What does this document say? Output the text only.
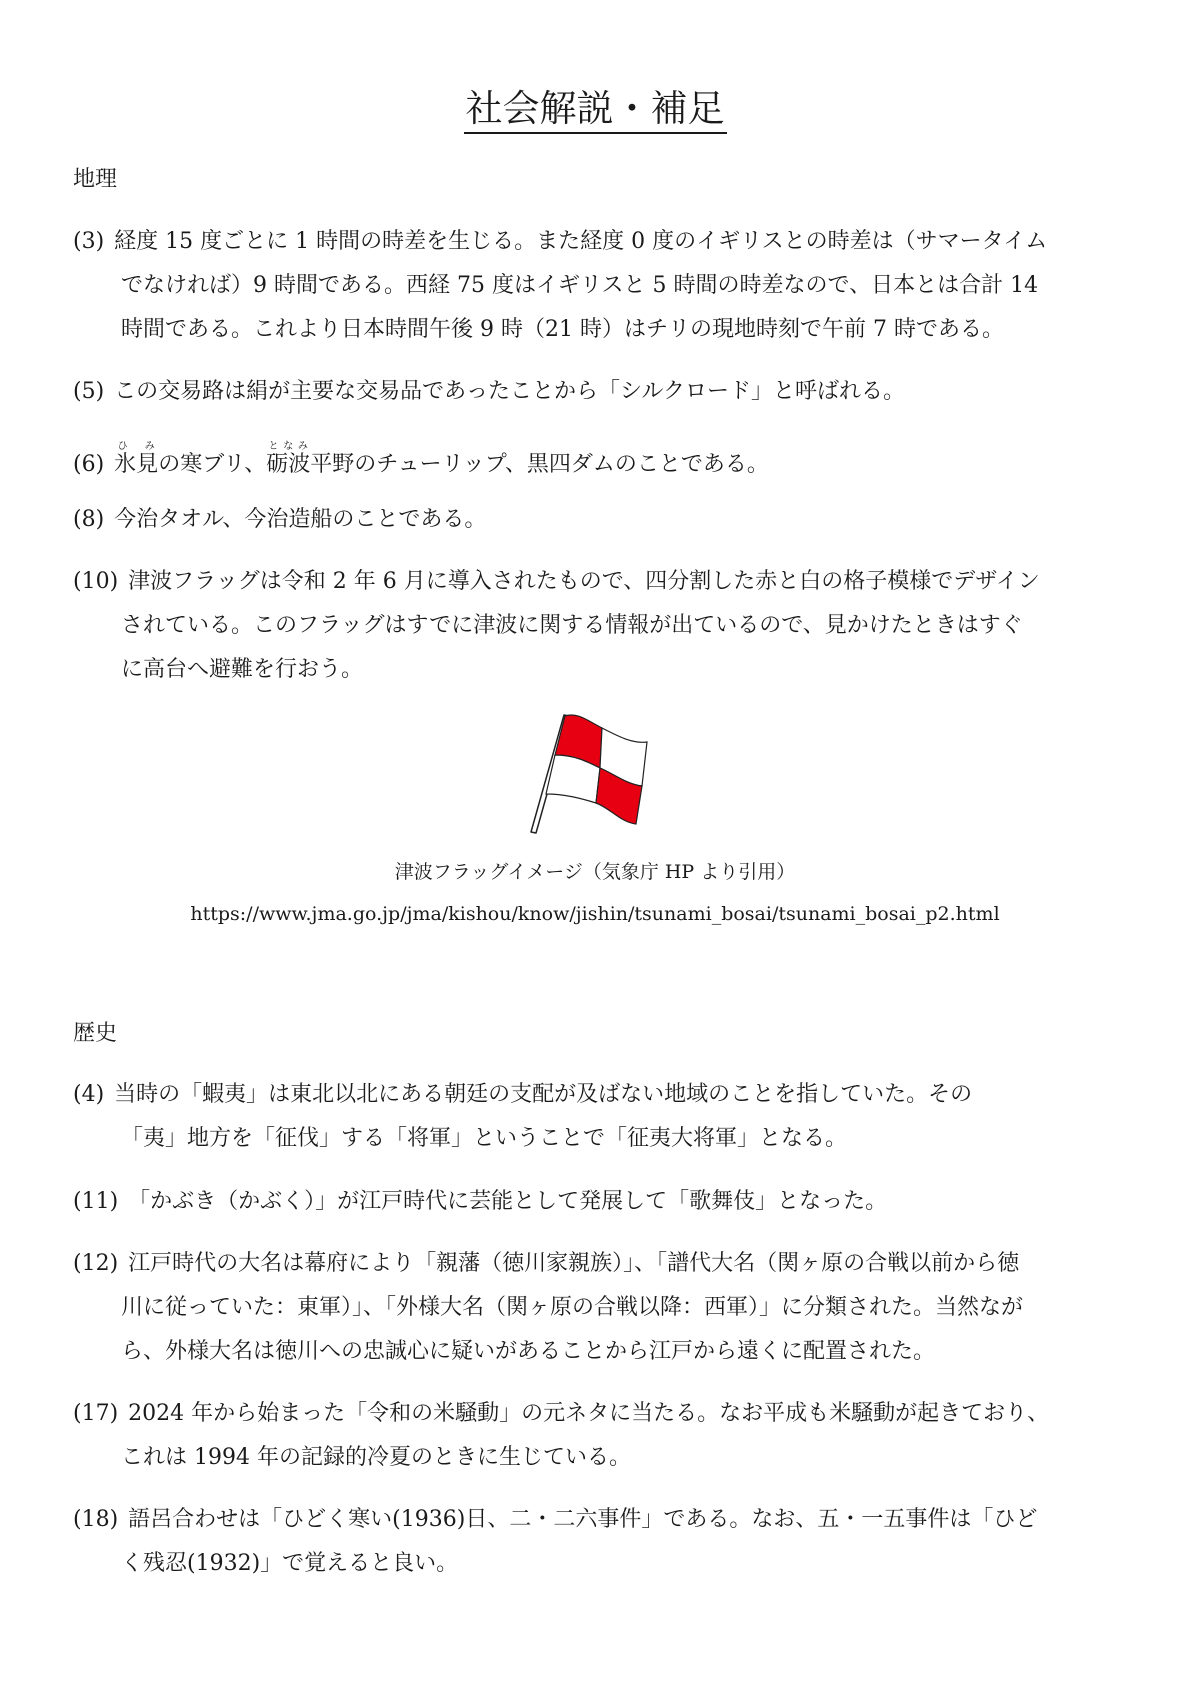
社会解説・補足
地理
(3) 経度 15 度ごとに 1 時間の時差を生じる。また経度 0 度のイギリスとの時差は（サマータイム
でなければ）9 時間である。西経 75 度はイギリスと 5 時間の時差なので、日本とは合計 14
時間である。これより日本時間午後 9 時（21 時）はチリの現地時刻で午前 7 時である。
(5) この交易路は絹が主要な交易品であったことから「シルクロード」と呼ばれる。
(6) 氷見ひ みの寒ブリ、砺波となみ平野のチューリップ、黒四ダムのことである。
(8) 今治タオル、今治造船のことである。
(10) 津波フラッグは令和 2 年 6 月に導入されたもので、四分割した赤と白の格子模様でデザイン
されている。このフラッグはすでに津波に関する情報が出ているので、見かけたときはすぐ
に高台へ避難を行おう。
津波フラッグイメージ（気象庁 HP より引用）
https://www.jma.go.jp/jma/kishou/know/jishin/tsunami_bosai/tsunami_bosai_p2.html
歴史
(4) 当時の「蝦夷」は東北以北にある朝廷の支配が及ばない地域のことを指していた。その
「夷」地方を「征伐」する「将軍」ということで「征夷大将軍」となる。
(11) 「かぶき（かぶく）」が江戸時代に芸能として発展して「歌舞伎」となった。
(12) 江戸時代の大名は幕府により「親藩（徳川家親族）」、「譜代大名（関ヶ原の合戦以前から徳
川に従っていた：東軍）」、「外様大名（関ヶ原の合戦以降：西軍）」に分類された。当然なが
ら、外様大名は徳川への忠誠心に疑いがあることから江戸から遠くに配置された。
(17) 2024 年から始まった「令和の米騒動」の元ネタに当たる。なお平成も米騒動が起きており、
これは 1994 年の記録的冷夏のときに生じている。
(18) 語呂合わせは「ひどく寒い(1936)日、二・二六事件」である。なお、五・一五事件は「ひど
く残忍(1932)」で覚えると良い。
